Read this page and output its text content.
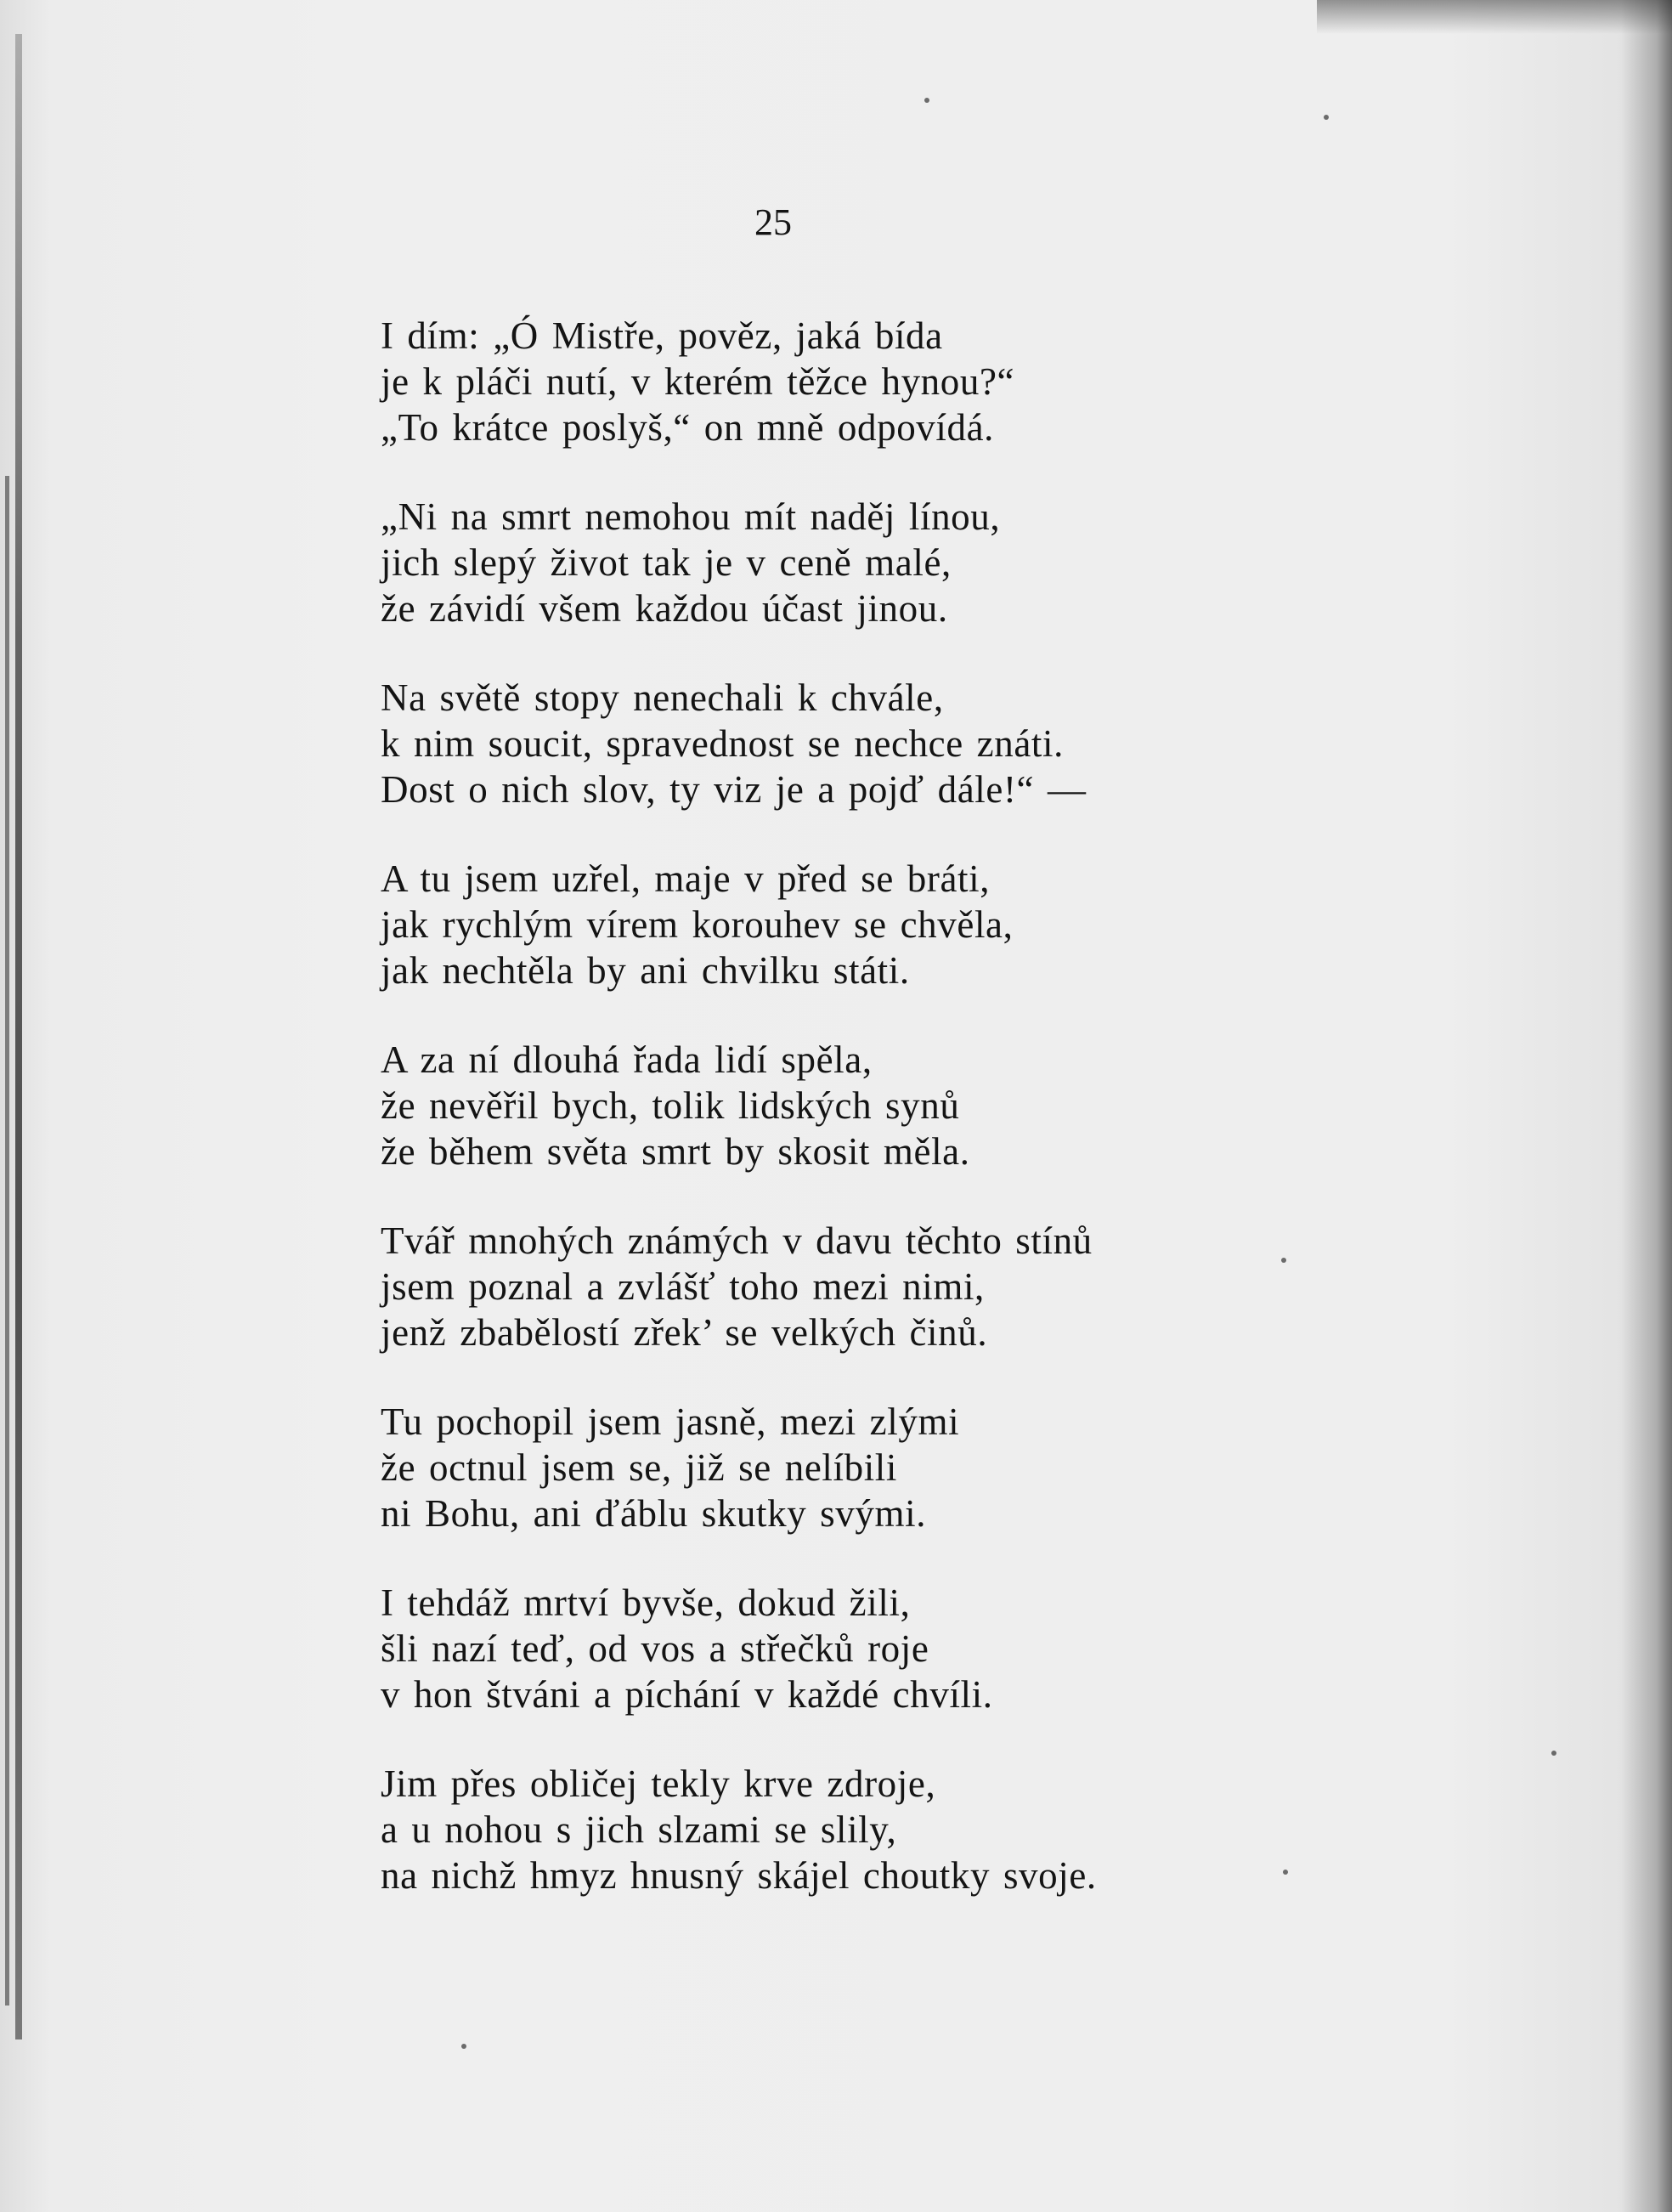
25
I dím: „Ó Mistře, pověz, jaká bída
je k pláči nutí, v kterém těžce hynou?“
„To krátce poslyš,“ on mně odpovídá.
„Ni na smrt nemohou mít naděj línou,
jich slepý život tak je v ceně malé,
že závidí všem každou účast jinou.
Na světě stopy nenechali k chvále,
k nim soucit, spravednost se nechce znáti.
Dost o nich slov, ty viz je a pojď dále!“ —
A tu jsem uzřel, maje v před se bráti,
jak rychlým vírem korouhev se chvěla,
jak nechtěla by ani chvilku státi.
A za ní dlouhá řada lidí spěla,
že nevěřil bych, tolik lidských synů
že během světa smrt by skosit měla.
Tvář mnohých známých v davu těchto stínů
jsem poznal a zvlášť toho mezi nimi,
jenž zbabělostí zřek’ se velkých činů.
Tu pochopil jsem jasně, mezi zlými
že octnul jsem se, již se nelíbili
ni Bohu, ani ďáblu skutky svými.
I tehdáž mrtví byvše, dokud žili,
šli nazí teď, od vos a střečků roje
v hon štváni a píchání v každé chvíli.
Jim přes obličej tekly krve zdroje,
a u nohou s jich slzami se slily,
na nichž hmyz hnusný skájel choutky svoje.
